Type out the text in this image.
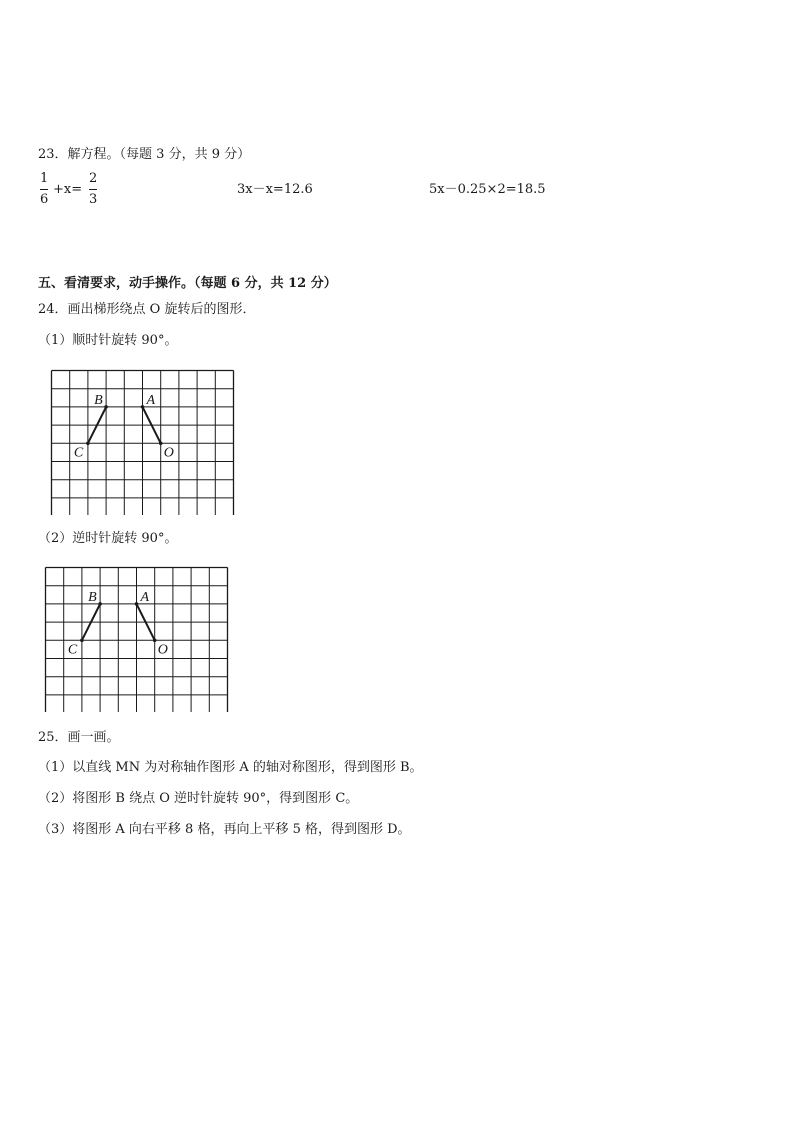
23．解方程。（每题 3 分，共 9 分）
1
6
+x=
2
3
3x－x=12.6	5x－0.25×2=18.5
五、看清要求，动手操作。（每题 6 分，共 12 分）
24．画出梯形绕点 O 旋转后的图形．
（1）顺时针旋转 90°。
B	A
C	O
（2）逆时针旋转 90°。
B	A
C	O
25．画一画。
（1）以直线 MN 为对称轴作图形 A 的轴对称图形，得到图形 B。
（2）将图形 B 绕点 O 逆时针旋转 90°，得到图形 C。
（3）将图形 A 向右平移 8 格，再向上平移 5 格，得到图形 D。
